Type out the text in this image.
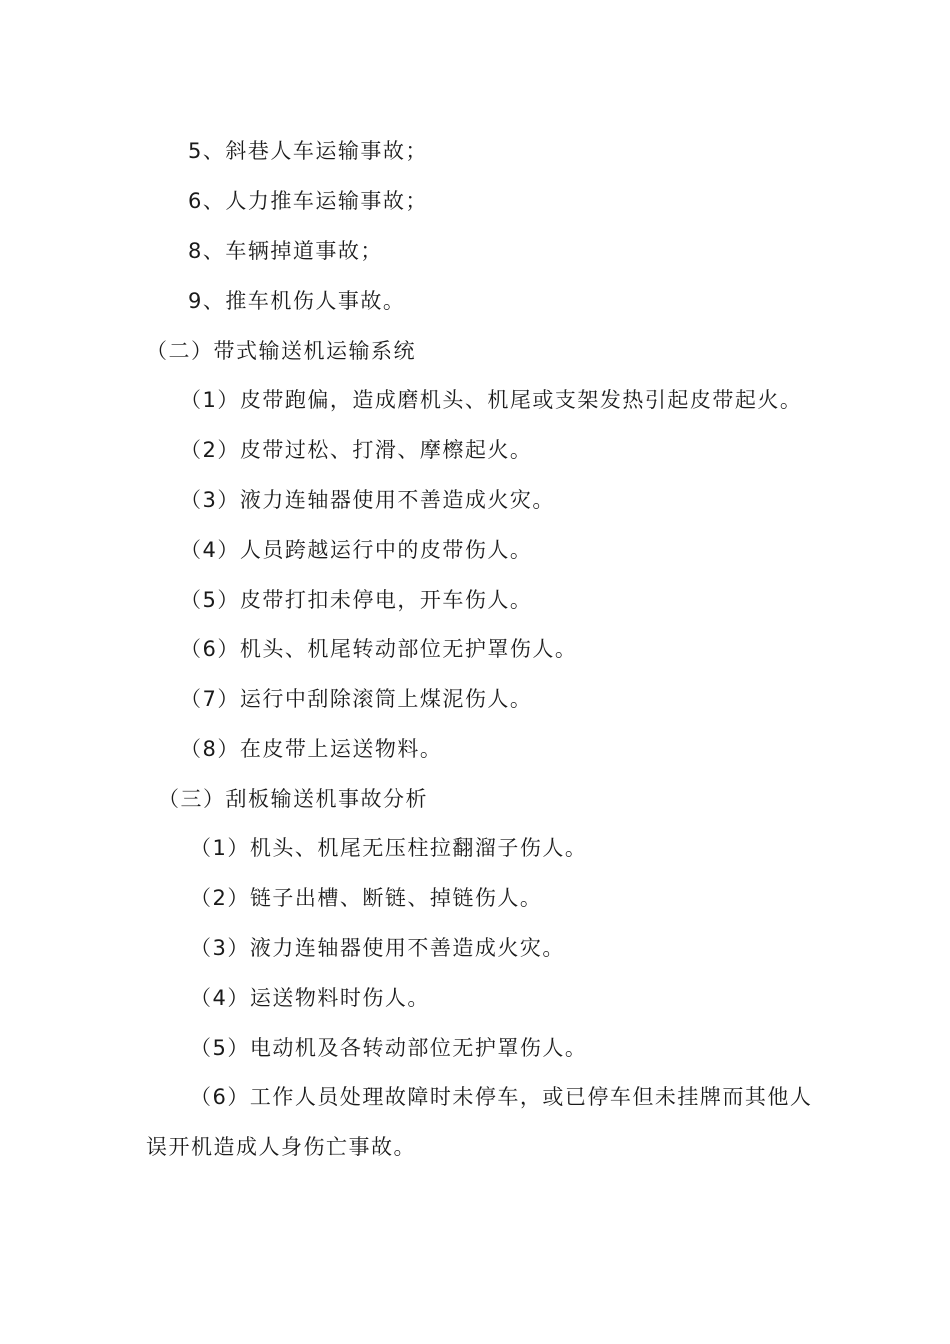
5、斜巷人车运输事故；
6、人力推车运输事故；
8、车辆掉道事故；
9、推车机伤人事故。
（二）带式输送机运输系统
（1）皮带跑偏，造成磨机头、机尾或支架发热引起皮带起火。
（2）皮带过松、打滑、摩檫起火。
（3）液力连轴器使用不善造成火灾。
（4）人员跨越运行中的皮带伤人。
（5）皮带打扣未停电，开车伤人。
（6）机头、机尾转动部位无护罩伤人。
（7）运行中刮除滚筒上煤泥伤人。
（8）在皮带上运送物料。
（三）刮板输送机事故分析
（1）机头、机尾无压柱拉翻溜子伤人。
（2）链子出槽、断链、掉链伤人。
（3）液力连轴器使用不善造成火灾。
（4）运送物料时伤人。
（5）电动机及各转动部位无护罩伤人。
（6）工作人员处理故障时未停车，或已停车但未挂牌而其他人
误开机造成人身伤亡事故。
